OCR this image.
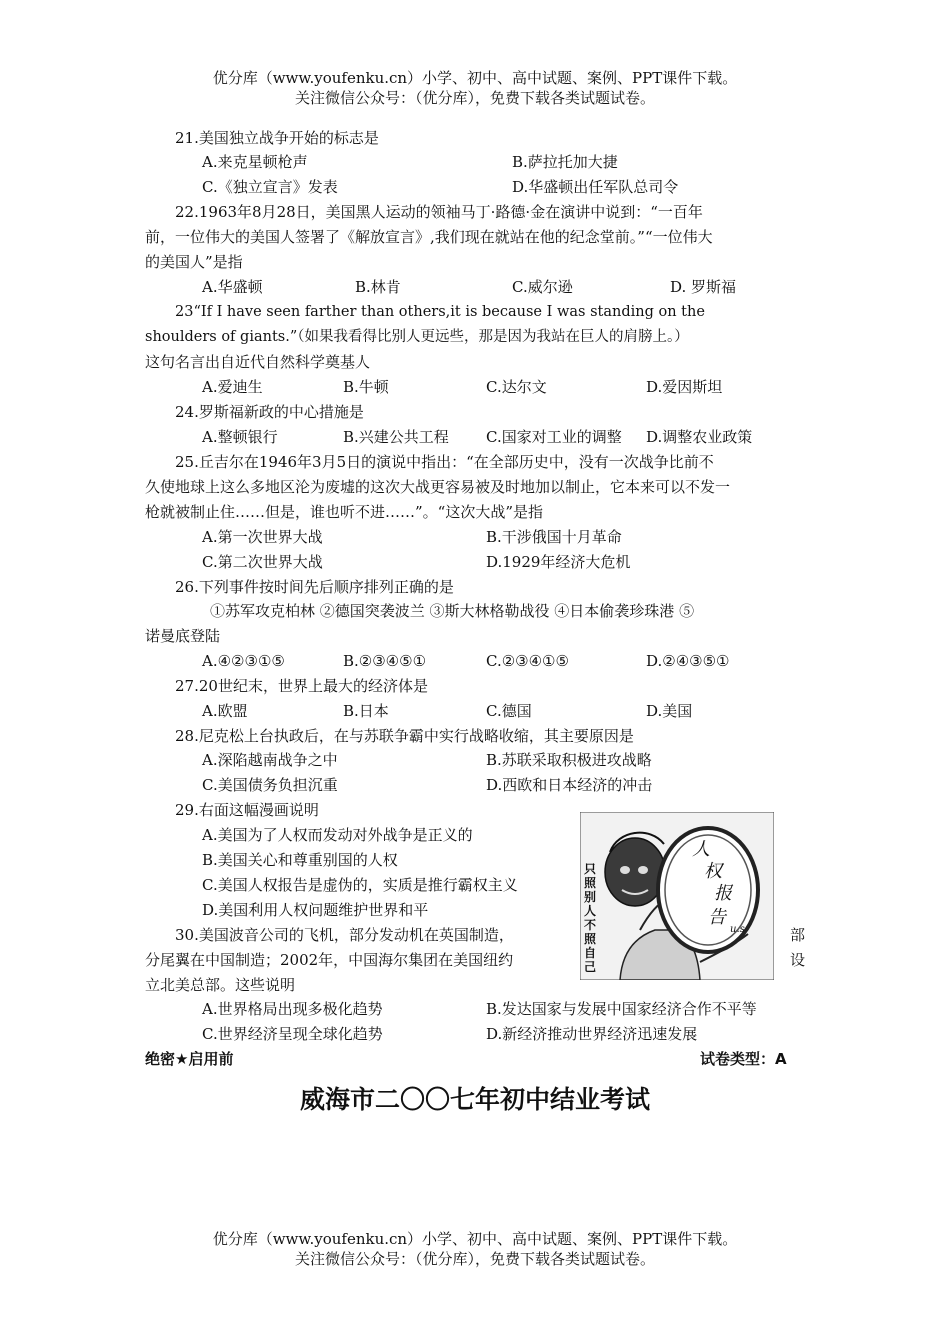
优分库（www.youfenku.cn）小学、初中、高中试题、案例、PPT课件下载。
关注微信公众号：（优分库），免费下载各类试题试卷。
21.美国独立战争开始的标志是
A.来克星顿枪声	B.萨拉托加大捷
C.《独立宣言》发表	D.华盛顿出任军队总司令
22.1963年8月28日，美国黑人运动的领袖马丁·路德·金在演讲中说到：“一百年
前，一位伟大的美国人签署了《解放宣言》,我们现在就站在他的纪念堂前。”“一位伟大
的美国人”是指
A.华盛顿	B.林肯	C.威尔逊	D. 罗斯福
23“If I have seen farther than others,it is because I was standing on the
shoulders of giants.”（如果我看得比别人更远些，那是因为我站在巨人的肩膀上。）
这句名言出自近代自然科学奠基人
A.爱迪生	B.牛顿	C.达尔文	D.爱因斯坦
24.罗斯福新政的中心措施是
A.整顿银行	B.兴建公共工程 C.国家对工业的调整 D.调整农业政策
25.丘吉尔在1946年3月5日的演说中指出：“在全部历史中，没有一次战争比前不
久使地球上这么多地区沦为废墟的这次大战更容易被及时地加以制止，它本来可以不发一
枪就被制止住……但是，谁也听不进……”。“这次大战”是指
A.第一次世界大战	B.干涉俄国十月革命
C.第二次世界大战	D.1929年经济大危机
26.下列事件按时间先后顺序排列正确的是
①苏军攻克柏林 ②德国突袭波兰 ③斯大林格勒战役 ④日本偷袭珍珠港 ⑤
诺曼底登陆
A.④②③①⑤	B.②③④⑤①	C.②③④①⑤	D.②④③⑤①
27.20世纪末，世界上最大的经济体是
A.欧盟	B.日本	C.德国	D.美国
28.尼克松上台执政后，在与苏联争霸中实行战略收缩，其主要原因是
A.深陷越南战争之中	B.苏联采取积极进攻战略
C.美国债务负担沉重	D.西欧和日本经济的冲击
29.右面这幅漫画说明
A.美国为了人权而发动对外战争是正义的
B.美国关心和尊重别国的人权
C.美国人权报告是虚伪的，实质是推行霸权主义
D.美国利用人权问题维护世界和平
人
权
报
告
u.s
只
照
别
人
不
照
自
己
30.美国波音公司的飞机，部分发动机在英国制造，	部
分尾翼在中国制造；2002年，中国海尔集团在美国纽约	设
立北美总部。这些说明
A.世界格局出现多极化趋势	B.发达国家与发展中国家经济合作不平等
C.世界经济呈现全球化趋势	D.新经济推动世界经济迅速发展
绝密★启用前	试卷类型：A
威海市二〇〇七年初中结业考试
优分库（www.youfenku.cn）小学、初中、高中试题、案例、PPT课件下载。
关注微信公众号：（优分库），免费下载各类试题试卷。
